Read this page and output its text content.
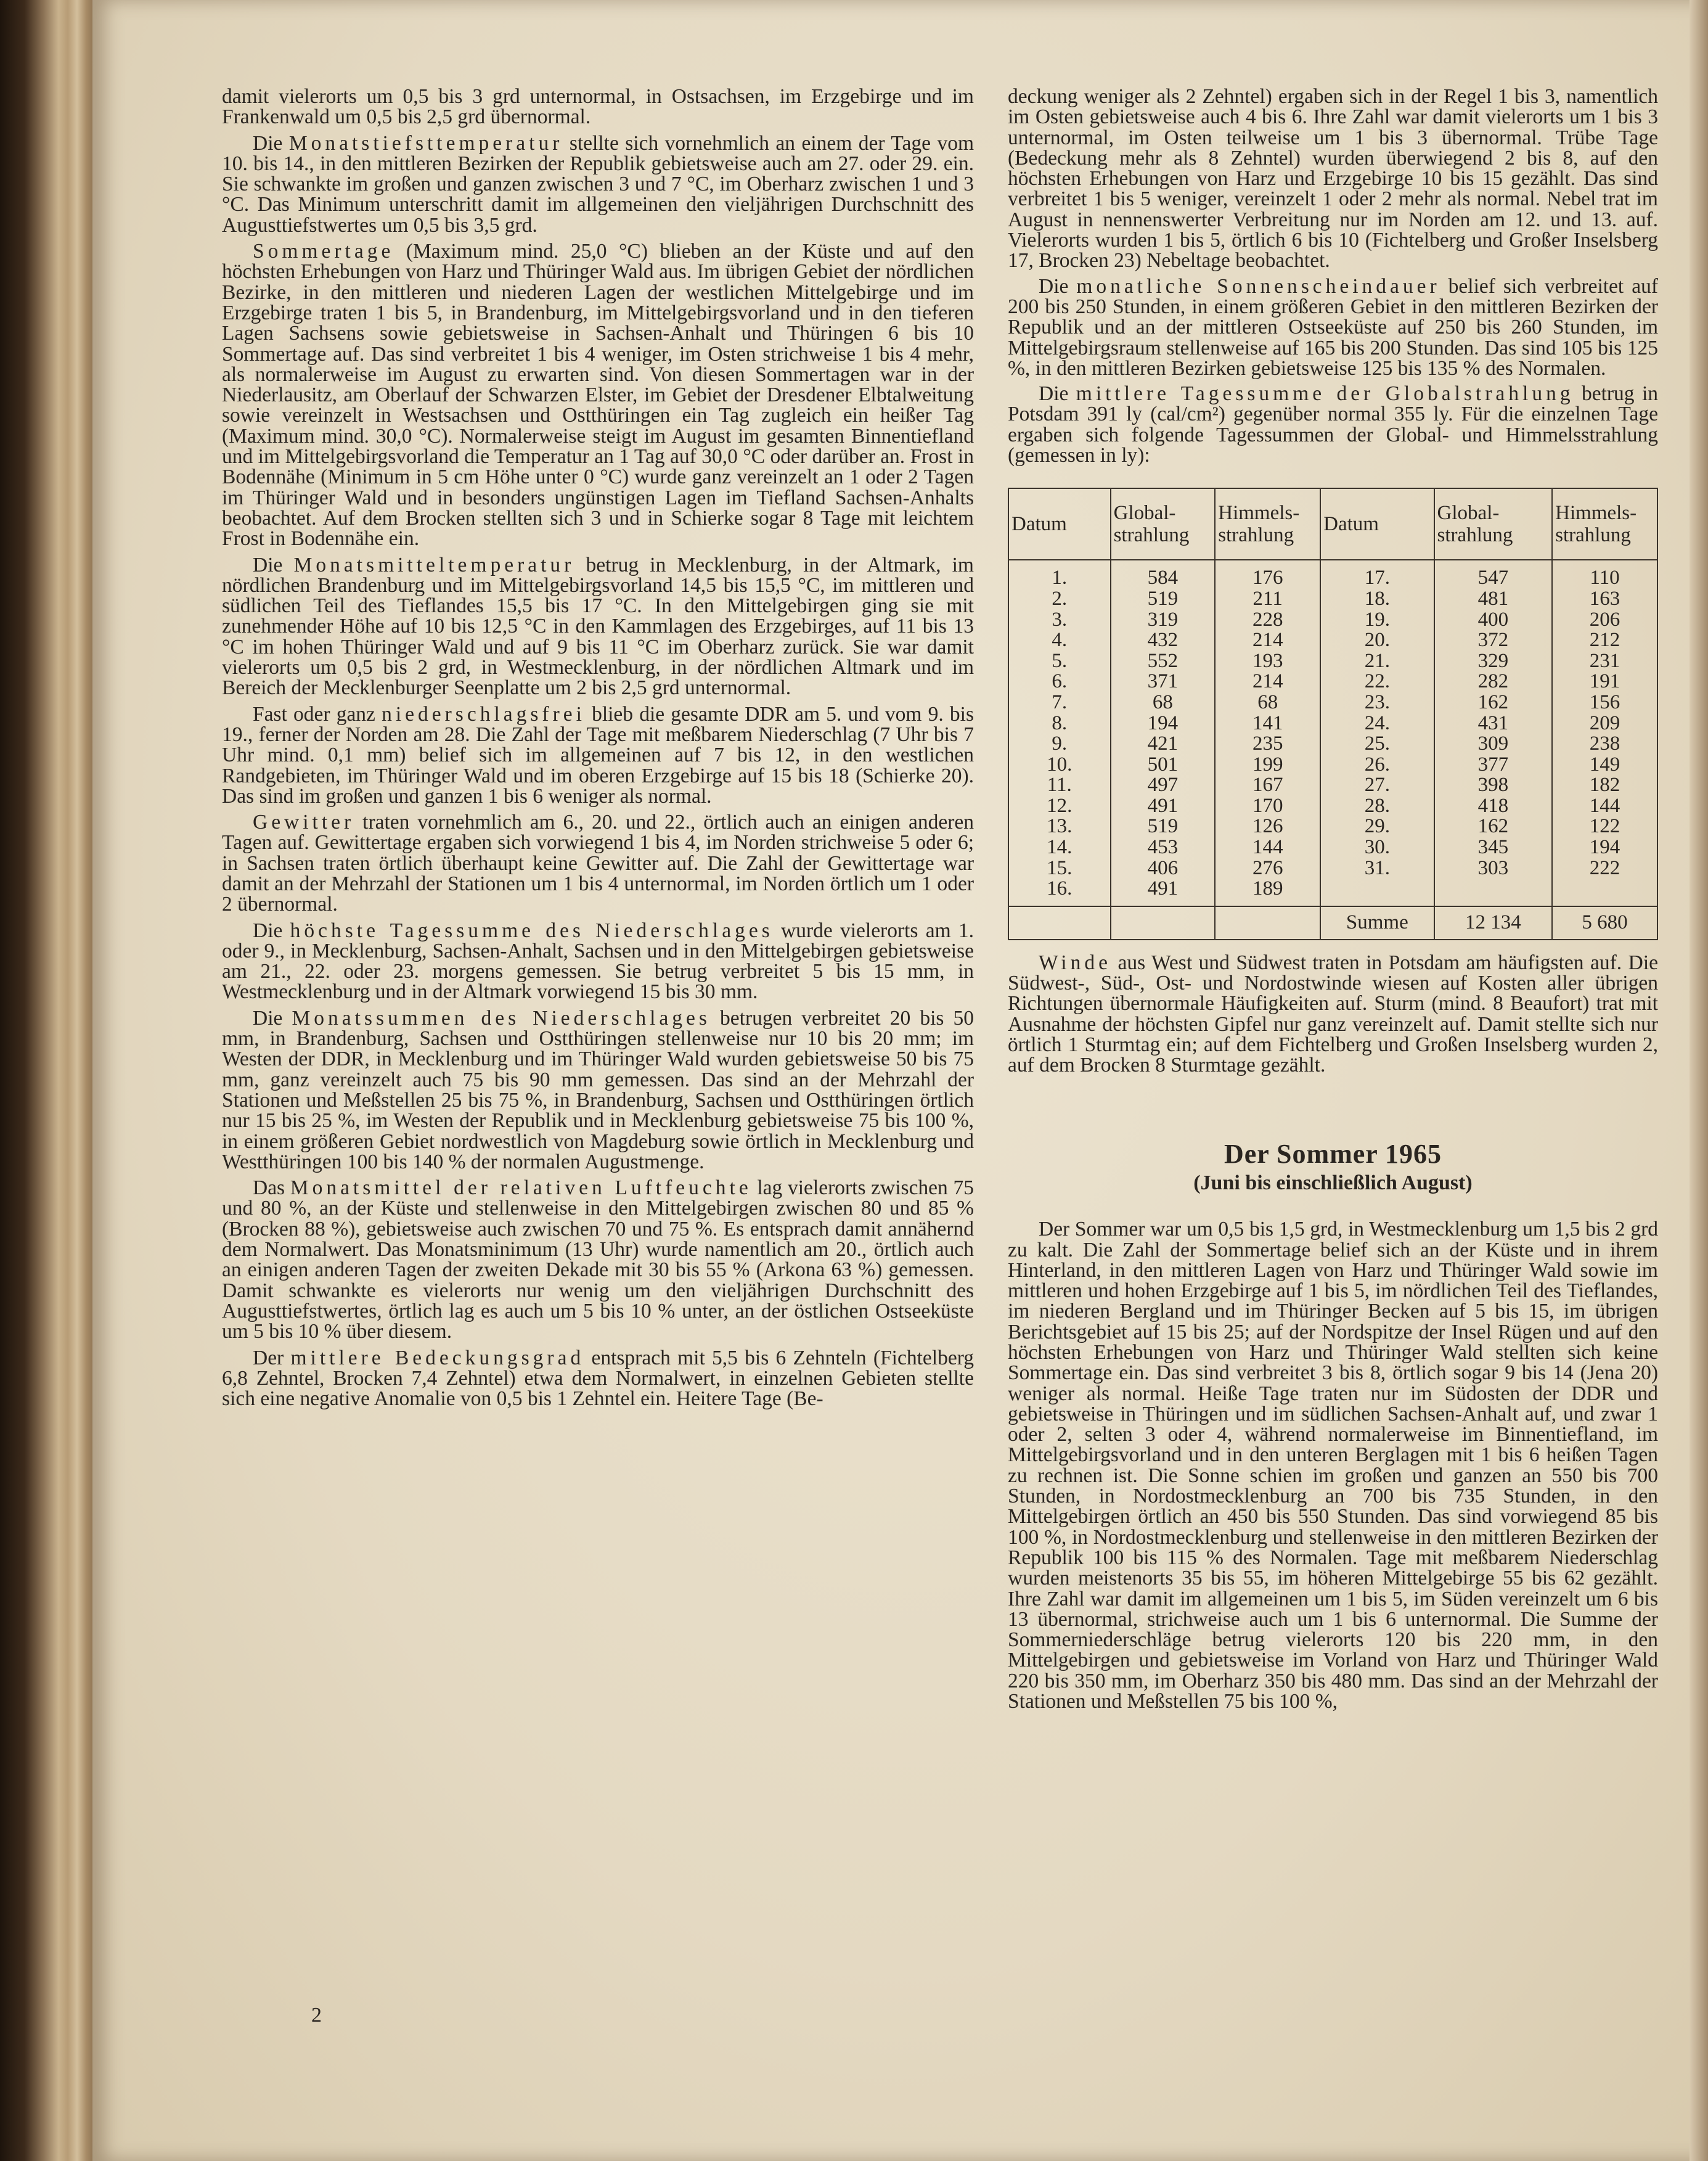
damit vielerorts um 0,5 bis 3 grd unternormal, in Ostsachsen, im Erzgebirge und im Frankenwald um 0,5 bis 2,5 grd übernormal.

Die Monatstiefsttemperatur stellte sich vornehmlich an einem der Tage vom 10. bis 14., in den mittleren Bezirken der Republik gebietsweise auch am 27. oder 29. ein. Sie schwankte im großen und ganzen zwischen 3 und 7 °C, im Oberharz zwischen 1 und 3 °C. Das Minimum unterschritt damit im allgemeinen den vieljährigen Durchschnitt des Augusttiefstwertes um 0,5 bis 3,5 grd.

Sommertage (Maximum mind. 25,0 °C) blieben an der Küste und auf den höchsten Erhebungen von Harz und Thüringer Wald aus. Im übrigen Gebiet der nördlichen Bezirke, in den mittleren und niederen Lagen der westlichen Mittelgebirge und im Erzgebirge traten 1 bis 5, in Brandenburg, im Mittelgebirgsvorland und in den tieferen Lagen Sachsens sowie gebietsweise in Sachsen-Anhalt und Thüringen 6 bis 10 Sommertage auf. Das sind verbreitet 1 bis 4 weniger, im Osten strichweise 1 bis 4 mehr, als normalerweise im August zu erwarten sind. Von diesen Sommertagen war in der Niederlausitz, am Oberlauf der Schwarzen Elster, im Gebiet der Dresdener Elbtalweitung sowie vereinzelt in Westsachsen und Ostthüringen ein Tag zugleich ein heißer Tag (Maximum mind. 30,0 °C). Normalerweise steigt im August im gesamten Binnentiefland und im Mittelgebirgsvorland die Temperatur an 1 Tag auf 30,0 °C oder darüber an. Frost in Bodennähe (Minimum in 5 cm Höhe unter 0 °C) wurde ganz vereinzelt an 1 oder 2 Tagen im Thüringer Wald und in besonders ungünstigen Lagen im Tiefland Sachsen-Anhalts beobachtet. Auf dem Brocken stellten sich 3 und in Schierke sogar 8 Tage mit leichtem Frost in Bodennähe ein.

Die Monatsmitteltemperatur betrug in Mecklenburg, in der Altmark, im nördlichen Brandenburg und im Mittelgebirgsvorland 14,5 bis 15,5 °C, im mittleren und südlichen Teil des Tieflandes 15,5 bis 17 °C. In den Mittelgebirgen ging sie mit zunehmender Höhe auf 10 bis 12,5 °C in den Kammlagen des Erzgebirges, auf 11 bis 13 °C im hohen Thüringer Wald und auf 9 bis 11 °C im Oberharz zurück. Sie war damit vielerorts um 0,5 bis 2 grd, in Westmecklenburg, in der nördlichen Altmark und im Bereich der Mecklenburger Seenplatte um 2 bis 2,5 grd unternormal.

Fast oder ganz niederschlagsfrei blieb die gesamte DDR am 5. und vom 9. bis 19., ferner der Norden am 28. Die Zahl der Tage mit meßbarem Niederschlag (7 Uhr bis 7 Uhr mind. 0,1 mm) belief sich im allgemeinen auf 7 bis 12, in den westlichen Randgebieten, im Thüringer Wald und im oberen Erzgebirge auf 15 bis 18 (Schierke 20). Das sind im großen und ganzen 1 bis 6 weniger als normal.

Gewitter traten vornehmlich am 6., 20. und 22., örtlich auch an einigen anderen Tagen auf. Gewittertage ergaben sich vorwiegend 1 bis 4, im Norden strichweise 5 oder 6; in Sachsen traten örtlich überhaupt keine Gewitter auf. Die Zahl der Gewittertage war damit an der Mehrzahl der Stationen um 1 bis 4 unternormal, im Norden örtlich um 1 oder 2 übernormal.

Die höchste Tagessumme des Niederschlages wurde vielerorts am 1. oder 9., in Mecklenburg, Sachsen-Anhalt, Sachsen und in den Mittelgebirgen gebietsweise am 21., 22. oder 23. morgens gemessen. Sie betrug verbreitet 5 bis 15 mm, in Westmecklenburg und in der Altmark vorwiegend 15 bis 30 mm.

Die Monatssummen des Niederschlages betrugen verbreitet 20 bis 50 mm, in Brandenburg, Sachsen und Ostthüringen stellenweise nur 10 bis 20 mm; im Westen der DDR, in Mecklenburg und im Thüringer Wald wurden gebietsweise 50 bis 75 mm, ganz vereinzelt auch 75 bis 90 mm gemessen. Das sind an der Mehrzahl der Stationen und Meßstellen 25 bis 75 %, in Brandenburg, Sachsen und Ostthüringen örtlich nur 15 bis 25 %, im Westen der Republik und in Mecklenburg gebietsweise 75 bis 100 %, in einem größeren Gebiet nordwestlich von Magdeburg sowie örtlich in Mecklenburg und Westthüringen 100 bis 140 % der normalen Augustmenge.

Das Monatsmittel der relativen Luftfeuchte lag vielerorts zwischen 75 und 80 %, an der Küste und stellenweise in den Mittelgebirgen zwischen 80 und 85 % (Brocken 88 %), gebietsweise auch zwischen 70 und 75 %. Es entsprach damit annähernd dem Normalwert. Das Monatsminimum (13 Uhr) wurde namentlich am 20., örtlich auch an einigen anderen Tagen der zweiten Dekade mit 30 bis 55 % (Arkona 63 %) gemessen. Damit schwankte es vielerorts nur wenig um den vieljährigen Durchschnitt des Augusttiefstwertes, örtlich lag es auch um 5 bis 10 % unter, an der östlichen Ostseeküste um 5 bis 10 % über diesem.

Der mittlere Bedeckungsgrad entsprach mit 5,5 bis 6 Zehnteln (Fichtelberg 6,8 Zehntel, Brocken 7,4 Zehntel) etwa dem Normalwert, in einzelnen Gebieten stellte sich eine negative Anomalie von 0,5 bis 1 Zehntel ein. Heitere Tage (Be-

deckung weniger als 2 Zehntel) ergaben sich in der Regel 1 bis 3, namentlich im Osten gebietsweise auch 4 bis 6. Ihre Zahl war damit vielerorts um 1 bis 3 unternormal, im Osten teilweise um 1 bis 3 übernormal. Trübe Tage (Bedeckung mehr als 8 Zehntel) wurden überwiegend 2 bis 8, auf den höchsten Erhebungen von Harz und Erzgebirge 10 bis 15 gezählt. Das sind verbreitet 1 bis 5 weniger, vereinzelt 1 oder 2 mehr als normal. Nebel trat im August in nennenswerter Verbreitung nur im Norden am 12. und 13. auf. Vielerorts wurden 1 bis 5, örtlich 6 bis 10 (Fichtelberg und Großer Inselsberg 17, Brocken 23) Nebeltage beobachtet.

Die monatliche Sonnenscheindauer belief sich verbreitet auf 200 bis 250 Stunden, in einem größeren Gebiet in den mittleren Bezirken der Republik und an der mittleren Ostseeküste auf 250 bis 260 Stunden, im Mittelgebirgsraum stellenweise auf 165 bis 200 Stunden. Das sind 105 bis 125 %, in den mittleren Bezirken gebietsweise 125 bis 135 % des Normalen.

Die mittlere Tagessumme der Globalstrahlung betrug in Potsdam 391 ly (cal/cm²) gegenüber normal 355 ly. Für die einzelnen Tage ergaben sich folgende Tagessummen der Global- und Himmelsstrahlung (gemessen in ly):

Datum	Global-strahlung	Himmels-strahlung	Datum	Global-strahlung	Himmels-strahlung
1.	584	176	17.	547	110
2.	519	211	18.	481	163
3.	319	228	19.	400	206
4.	432	214	20.	372	212
5.	552	193	21.	329	231
6.	371	214	22.	282	191
7.	68	68	23.	162	156
8.	194	141	24.	431	209
9.	421	235	25.	309	238
10.	501	199	26.	377	149
11.	497	167	27.	398	182
12.	491	170	28.	418	144
13.	519	126	29.	162	122
14.	453	144	30.	345	194
15.	406	276	31.	303	222
16.	491	189			
			Summe	12 134	5 680

Winde aus West und Südwest traten in Potsdam am häufigsten auf. Die Südwest-, Süd-, Ost- und Nordostwinde wiesen auf Kosten aller übrigen Richtungen übernormale Häufigkeiten auf. Sturm (mind. 8 Beaufort) trat mit Ausnahme der höchsten Gipfel nur ganz vereinzelt auf. Damit stellte sich nur örtlich 1 Sturmtag ein; auf dem Fichtelberg und Großen Inselsberg wurden 2, auf dem Brocken 8 Sturmtage gezählt.

Der Sommer 1965
(Juni bis einschließlich August)

Der Sommer war um 0,5 bis 1,5 grd, in Westmecklenburg um 1,5 bis 2 grd zu kalt. Die Zahl der Sommertage belief sich an der Küste und in ihrem Hinterland, in den mittleren Lagen von Harz und Thüringer Wald sowie im mittleren und hohen Erzgebirge auf 1 bis 5, im nördlichen Teil des Tieflandes, im niederen Bergland und im Thüringer Becken auf 5 bis 15, im übrigen Berichtsgebiet auf 15 bis 25; auf der Nordspitze der Insel Rügen und auf den höchsten Erhebungen von Harz und Thüringer Wald stellten sich keine Sommertage ein. Das sind verbreitet 3 bis 8, örtlich sogar 9 bis 14 (Jena 20) weniger als normal. Heiße Tage traten nur im Südosten der DDR und gebietsweise in Thüringen und im südlichen Sachsen-Anhalt auf, und zwar 1 oder 2, selten 3 oder 4, während normalerweise im Binnentiefland, im Mittelgebirgsvorland und in den unteren Berglagen mit 1 bis 6 heißen Tagen zu rechnen ist. Die Sonne schien im großen und ganzen an 550 bis 700 Stunden, in Nordostmecklenburg an 700 bis 735 Stunden, in den Mittelgebirgen örtlich an 450 bis 550 Stunden. Das sind vorwiegend 85 bis 100 %, in Nordostmecklenburg und stellenweise in den mittleren Bezirken der Republik 100 bis 115 % des Normalen. Tage mit meßbarem Niederschlag wurden meistenorts 35 bis 55, im höheren Mittelgebirge 55 bis 62 gezählt. Ihre Zahl war damit im allgemeinen um 1 bis 5, im Süden vereinzelt um 6 bis 13 übernormal, strichweise auch um 1 bis 6 unternormal. Die Summe der Sommerniederschläge betrug vielerorts 120 bis 220 mm, in den Mittelgebirgen und gebietsweise im Vorland von Harz und Thüringer Wald 220 bis 350 mm, im Oberharz 350 bis 480 mm. Das sind an der Mehrzahl der Stationen und Meßstellen 75 bis 100 %,

2
